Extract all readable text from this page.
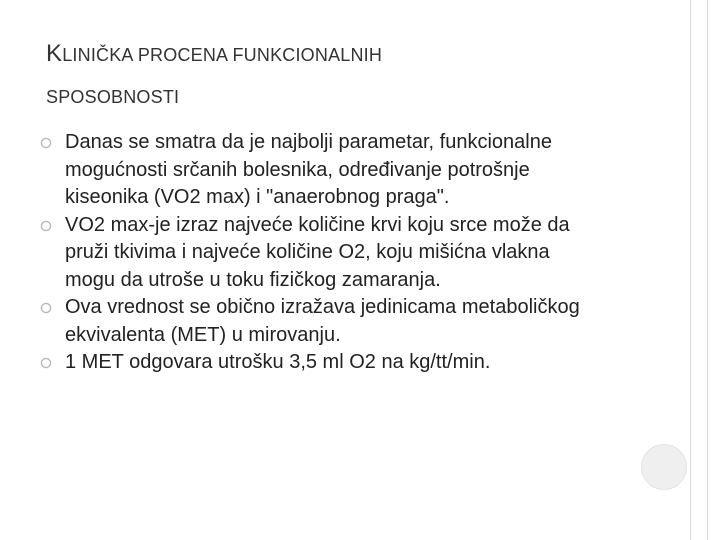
KLINIČKA PROCENA FUNKCIONALNIH
SPOSOBNOSTI
Danas se smatra da je najbolji parametar, funkcionalne mogućnosti srčanih bolesnika, određivanje potrošnje kiseonika (VO2 max) i "anaerobnog praga".
VO2 max-je izraz najveće količine krvi koju srce može da pruži tkivima i najveće količine O2, koju mišićna vlakna mogu da utroše u toku fizičkog zamaranja.
Ova vrednost se obično izražava jedinicama metaboličkog ekvivalenta (MET) u mirovanju.
1 MET odgovara utrošku 3,5 ml O2 na kg/tt/min.
